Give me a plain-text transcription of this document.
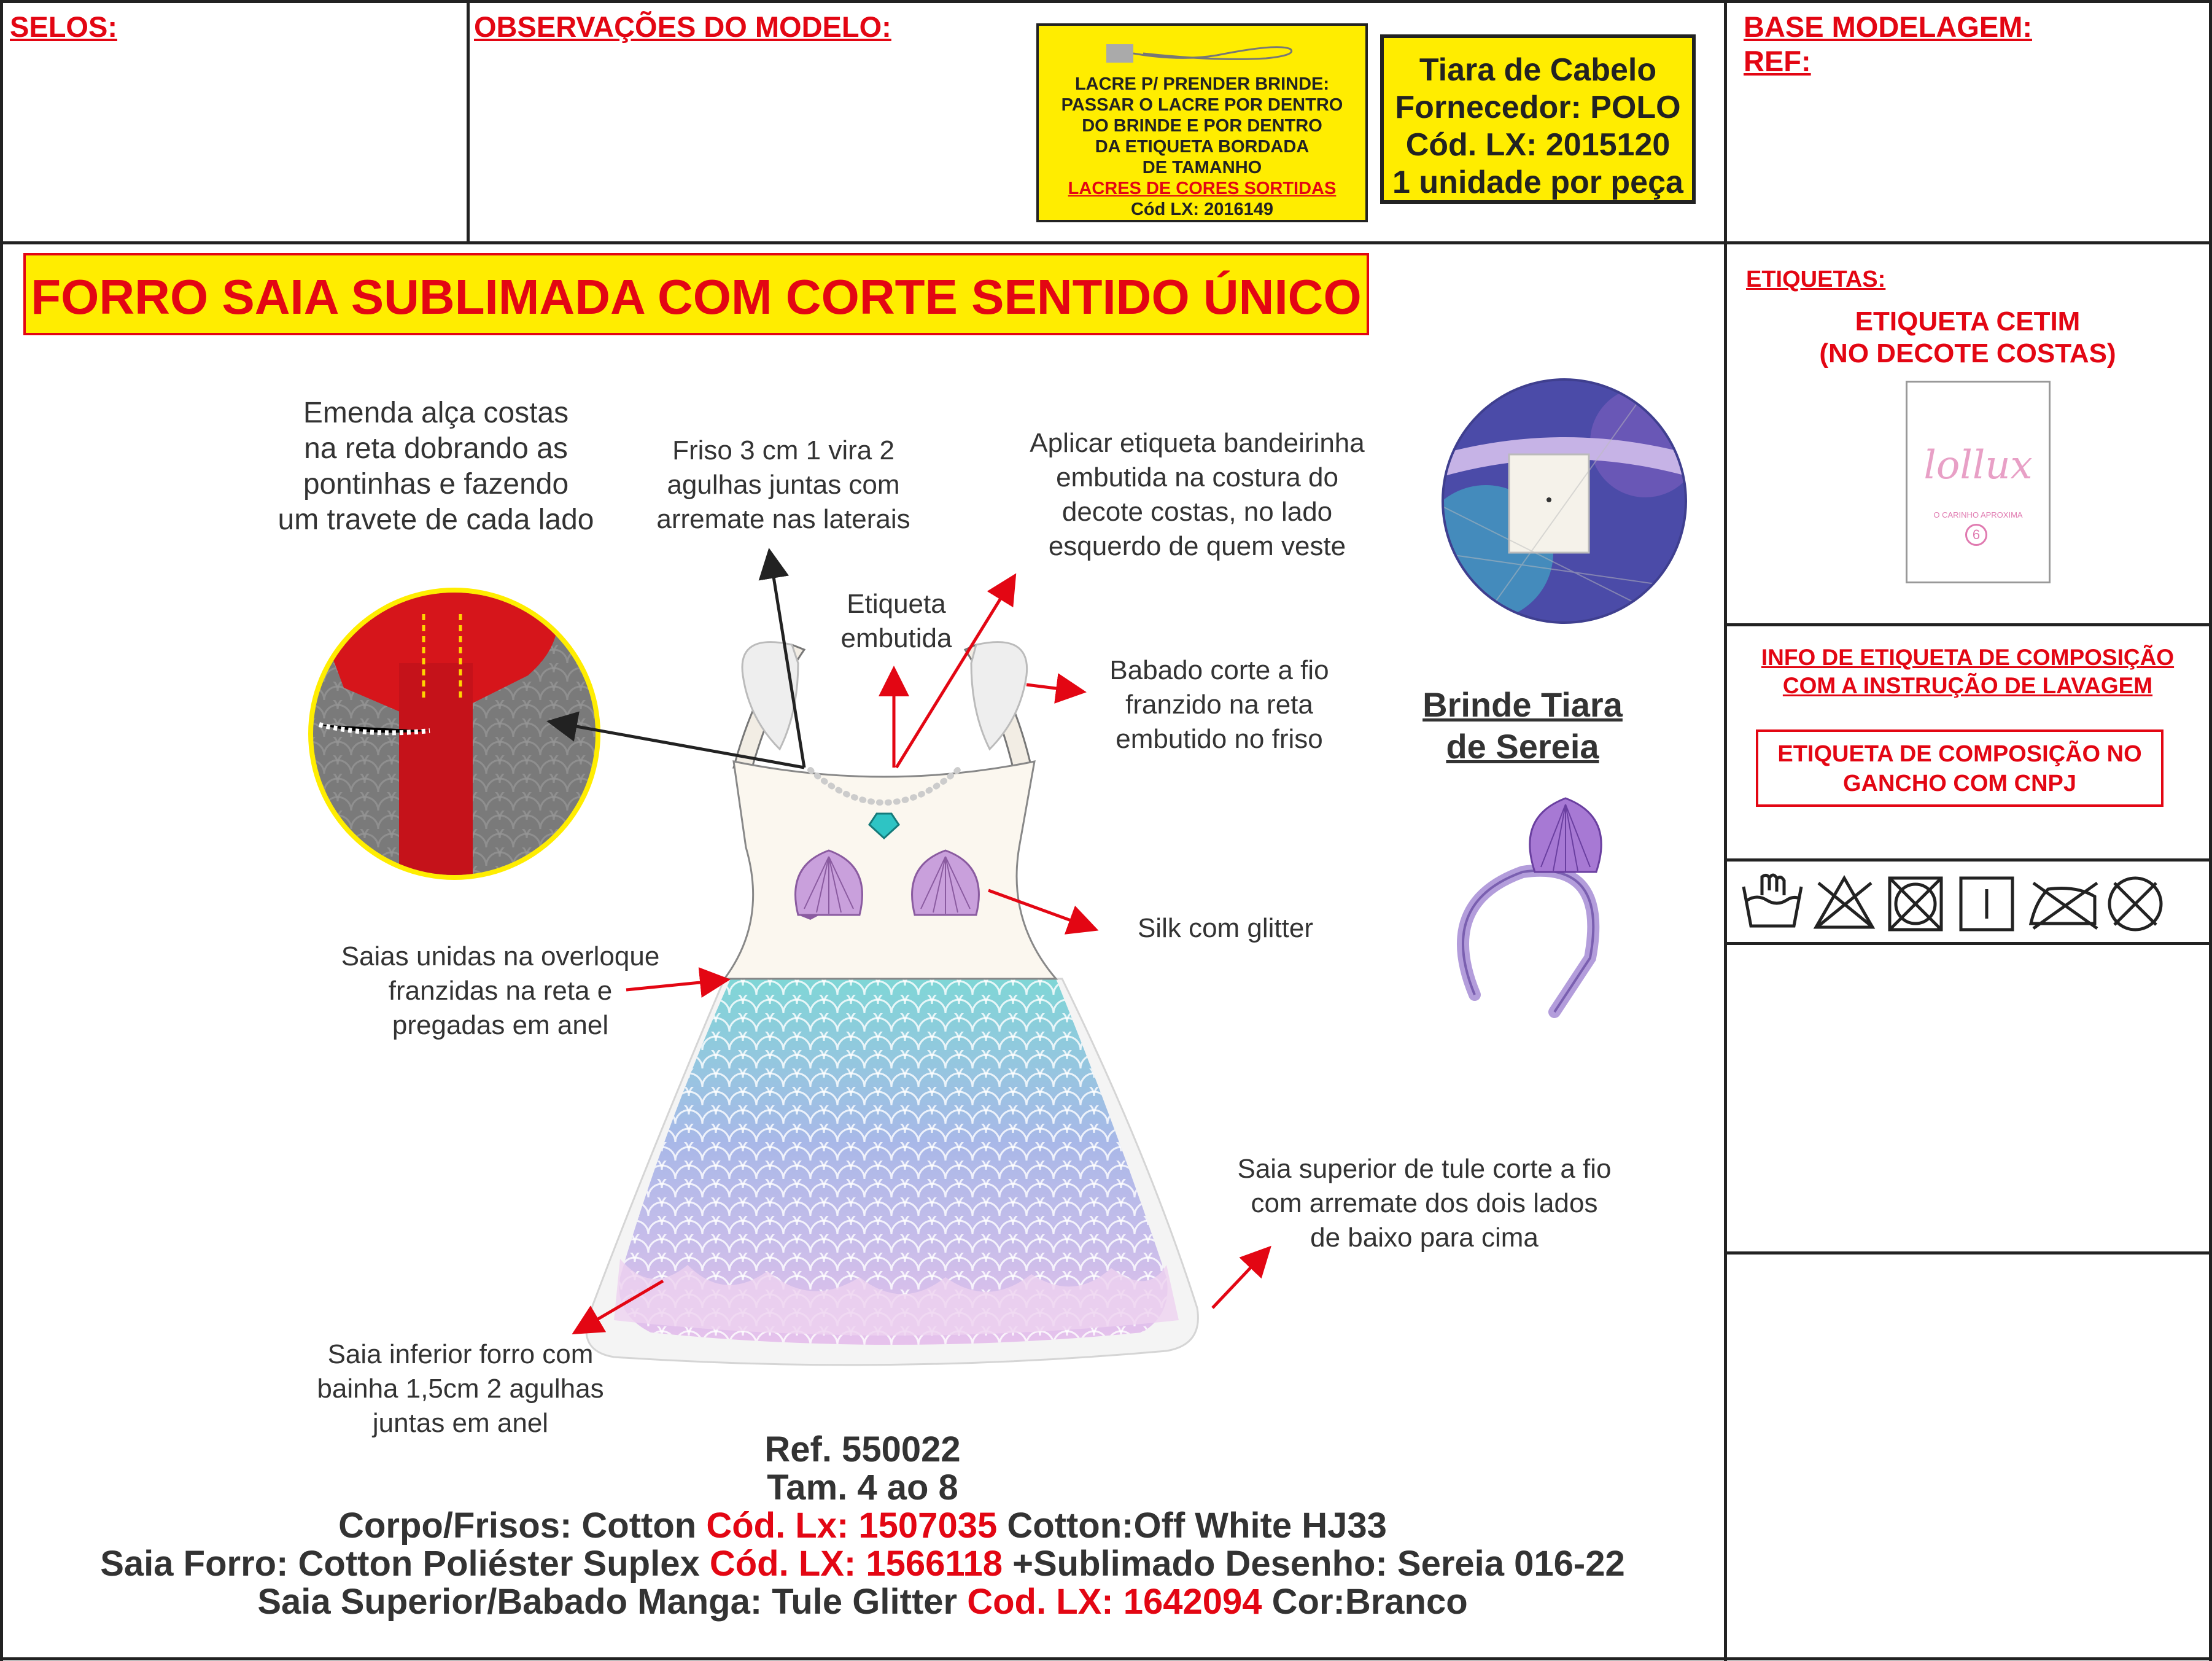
SELOS:	OBSERVAÇÕES DO MODELO:	BASE MODELAGEM:
REF:
LACRE P/ PRENDER BRINDE:
PASSAR O LACRE POR DENTRO
DO BRINDE E POR DENTRO
DA ETIQUETA BORDADA
DE TAMANHO
LACRES DE CORES SORTIDAS
Cód LX: 2016149
Tiara de Cabelo
Fornecedor: POLO
Cód. LX: 2015120
1 unidade por peça
FORRO SAIA SUBLIMADA COM CORTE SENTIDO ÚNICO
Emenda alça costas
na reta dobrando as
pontinhas e fazendo
um travete de cada lado
Friso 3 cm 1 vira 2
agulhas juntas com
arremate nas laterais
Aplicar etiqueta bandeirinha
embutida na costura do
decote costas, no lado
esquerdo de quem veste
Etiqueta
embutida
Babado corte a fio
franzido na reta
embutido no friso
Silk com glitter
Saias unidas na overloque
franzidas na reta e
pregadas em anel
Saia superior de tule corte a fio
com arremate dos dois lados
de baixo para cima
Saia inferior forro com
bainha 1,5cm 2 agulhas
juntas em anel
Brinde Tiara
de Sereia
Ref. 550022
Tam. 4 ao 8
Corpo/Frisos: Cotton Cód. Lx: 1507035 Cotton:Off White HJ33
Saia Forro: Cotton Poliéster Suplex Cód. LX: 1566118 +Sublimado Desenho: Sereia 016-22
Saia Superior/Babado Manga: Tule Glitter Cod. LX: 1642094 Cor:Branco
ETIQUETAS:
ETIQUETA CETIM
(NO DECOTE COSTAS)
lollux
O CARINHO APROXIMA
6
INFO DE ETIQUETA DE COMPOSIÇÃO
COM A INSTRUÇÃO DE LAVAGEM
ETIQUETA DE COMPOSIÇÃO NO
GANCHO COM CNPJ
